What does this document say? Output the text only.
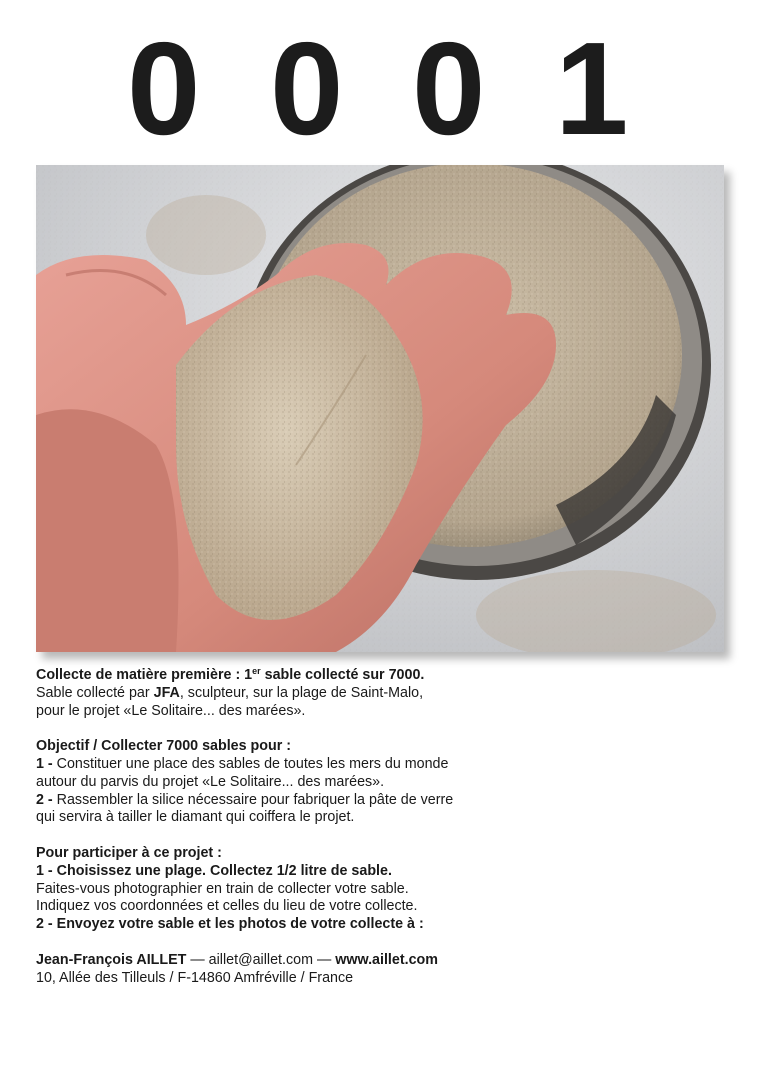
0 0 0 1
Collecte de matière première : 1er sable collecté sur 7000.
Sable collecté par JFA, sculpteur, sur la plage de Saint-Malo,
pour le projet «Le Solitaire... des marées».
Objectif / Collecter 7000 sables pour :
1 - Constituer une place des sables de toutes les mers du monde
autour du parvis du projet «Le Solitaire... des marées».
2 - Rassembler la silice nécessaire pour fabriquer la pâte de verre
qui servira à tailler le diamant qui coiffera le projet.
Pour participer à ce projet :
1 - Choisissez une plage. Collectez 1/2 litre de sable.
Faites-vous photographier en train de collecter votre sable.
Indiquez vos coordonnées et celles du lieu de votre collecte.
2 - Envoyez votre sable et les photos de votre collecte à :
Jean-François AILLET — aillet@aillet.com — www.aillet.com
10, Allée des Tilleuls / F-14860 Amfréville / France
